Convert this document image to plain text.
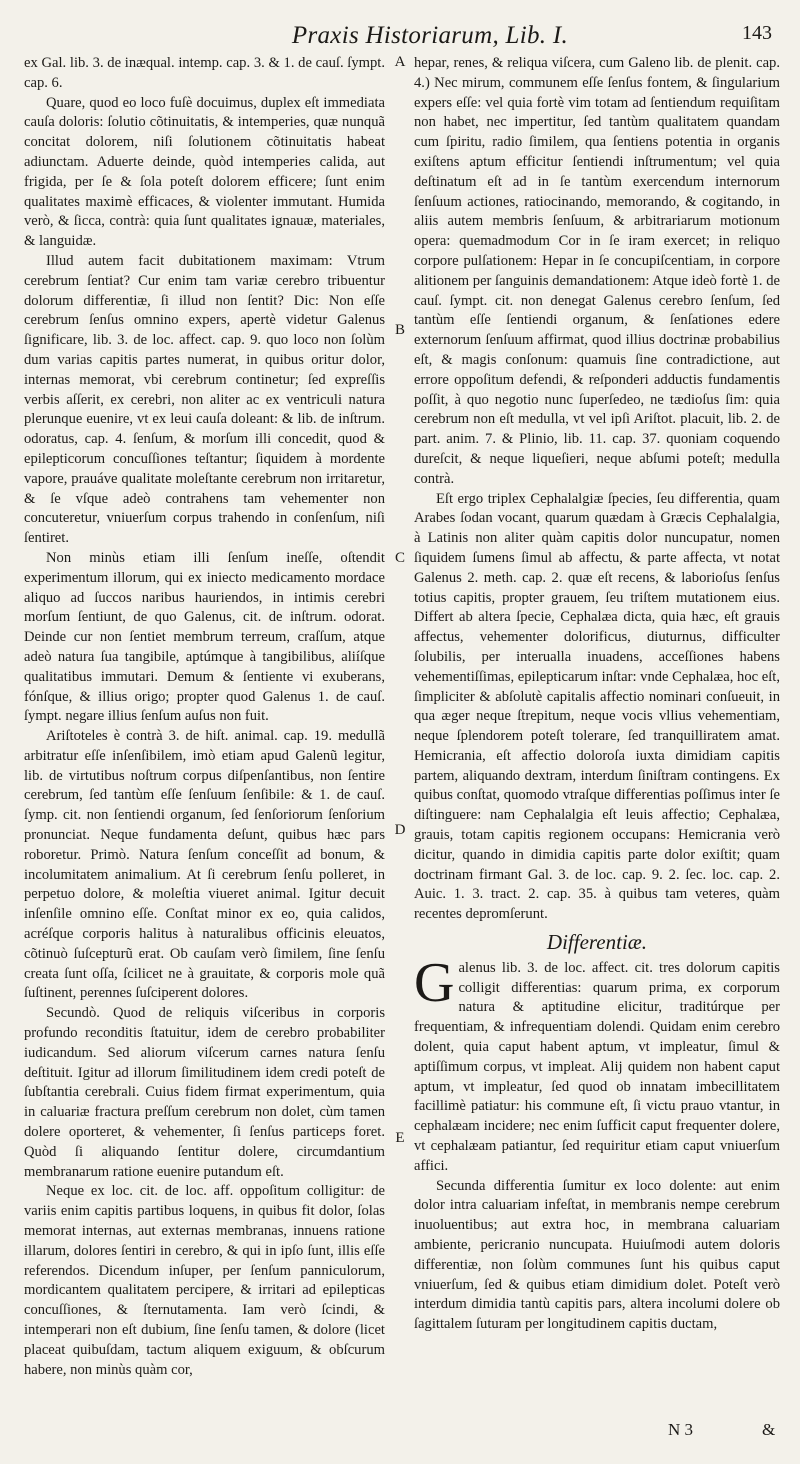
Praxis Historiarum, Lib. I.	143
A
B
C
D
E

ex Gal. lib. 3. de inæqual. intemp. cap. 3. & 1. de cauſ. ſympt. cap. 6.

Quare, quod eo loco fuſè docuimus, duplex eſt immediata cauſa doloris: ſolutio cõtinuitatis, & intemperies, quæ nunquã concitat dolorem, niſi ſolutionem cõtinuitatis habeat adiunctam. Aduerte deinde, quòd intemperies calida, aut frigida, per ſe & ſola poteſt dolorem efficere; ſunt enim qualitates maximè efficaces, & violenter immutant. Humida verò, & ſicca, contrà: quia ſunt qualitates ignauæ, materiales, & languidæ.

Illud autem facit dubitationem maximam: Vtrum cerebrum ſentiat? Cur enim tam variæ cerebro tribuentur dolorum differentiæ, ſi illud non ſentit? Dic: Non eſſe cerebrum ſenſus omnino expers, apertè videtur Galenus ſignificare, lib. 3. de loc. affect. cap. 9. quo loco non ſolùm dum varias capitis partes numerat, in quibus oritur dolor, internas memorat, vbi cerebrum continetur; ſed expreſſis verbis aſſerit, ex cerebri, non aliter ac ex ventriculi natura plerunque euenire, vt ex leui cauſa doleant: & lib. de inſtrum. odoratus, cap. 4. ſenſum, & morſum illi concedit, quod & epilepticorum concuſſiones teſtantur; ſiquidem à mordente vapore, prauáve qualitate moleſtante cerebrum non irritaretur, & ſe vſque adeò contrahens tam vehementer non concuteretur, vniuerſum corpus trahendo in conſenſum, niſi ſentiret.

Non minùs etiam illi ſenſum ineſſe, oſtendit experimentum illorum, qui ex iniecto medicamento mordace aliquo ad ſuccos naribus hauriendos, in intimis cerebri morſum ſentiunt, de quo Galenus, cit. de inſtrum. odorat. Deinde cur non ſentiet membrum terreum, craſſum, atque adeò natura ſua tangibile, aptúmque à tangibilibus, aliíſque qualitatibus immutari. Demum & ſentiente vi exuberans, fónſque, & illius origo; propter quod Galenus 1. de cauſ. ſympt. negare illius ſenſum auſus non fuit.

Ariſtoteles è contrà 3. de hiſt. animal. cap. 19. medullã arbitratur eſſe inſenſibilem, imò etiam apud Galenũ legitur, lib. de virtutibus noſtrum corpus diſpenſantibus, non ſentire cerebrum, ſed tantùm eſſe ſenſuum ſenſibile: & 1. de cauſ. ſymp. cit. non ſentiendi organum, ſed ſenſoriorum ſenſorium pronunciat. Neque fundamenta deſunt, quibus hæc pars roboretur. Primò. Natura ſenſum conceſſit ad bonum, & incolumitatem animalium. At ſi cerebrum ſenſu polleret, in perpetuo dolore, & moleſtia viueret animal. Igitur decuit inſenſile omnino eſſe. Conſtat minor ex eo, quia calidos, acréſque corporis halitus à naturalibus officinis eleuatos, cõtinuò ſuſcepturũ erat. Ob cauſam verò ſimilem, ſine ſenſu creata ſunt oſſa, ſcilicet ne à grauitate, & corporis mole quã ſuſtinent, perennes ſuſciperent dolores.

Secundò. Quod de reliquis viſceribus in corporis profundo reconditis ſtatuitur, idem de cerebro probabiliter iudicandum. Sed aliorum viſcerum carnes natura ſenſu deſtituit. Igitur ad illorum ſimilitudinem idem credi poteſt de ſubſtantia cerebrali. Cuius fidem firmat experimentum, quia in caluariæ fractura preſſum cerebrum non dolet, cùm tamen dolere oporteret, & vehementer, ſi ſenſus particeps foret. Quòd ſi aliquando ſentitur dolere, circumdantium membranarum ratione euenire putandum eſt.

Neque ex loc. cit. de loc. aff. oppoſitum colligitur: de variis enim capitis partibus loquens, in quibus fit dolor, ſolas memorat internas, aut externas membranas, innuens ratione illarum, dolores ſentiri in cerebro, & qui in ipſo ſunt, illis eſſe referendos. Dicendum inſuper, per ſenſum panniculorum, mordicantem qualitatem percipere, & irritari ad epilepticas concuſſiones, & ſternutamenta. Iam verò ſcindi, & intemperari non eſt dubium, ſine ſenſu tamen, & dolore (licet placeat quibuſdam, tactum aliquem exiguum, & obſcurum habere, non minùs quàm cor,

hepar, renes, & reliqua viſcera, cum Galeno lib. de plenit. cap. 4.) Nec mirum, communem eſſe ſenſus fontem, & ſingularium expers eſſe: vel quia fortè vim totam ad ſentiendum requiſitam non habet, nec impertitur, ſed tantùm qualitatem quandam cum ſpiritu, radio ſimilem, qua ſentiens potentia in organis exiſtens aptum efficitur ſentiendi inſtrumentum; vel quia deſtinatum eſt ad in ſe tantùm exercendum internorum ſenſuum actiones, ratiocinando, memorando, & cogitando, in aliis autem membris ſenſuum, & arbitrariarum motionum opera: quemadmodum Cor in ſe iram exercet; in reliquo corpore pulſationem: Hepar in ſe concupiſcentiam, in corpore alitionem per ſanguinis demandationem: Atque ideò fortè 1. de cauſ. ſympt. cit. non denegat Galenus cerebro ſenſum, ſed tantùm eſſe ſentiendi organum, & ſenſationes edere externorum ſenſuum affirmat, quod illius doctrinæ probabilius eſt, & magis conſonum: quamuis ſine contradictione, aut errore oppoſitum defendi, & reſponderi adductis fundamentis poſſit, à quo negotio nunc ſuperſedeo, ne tædioſus ſim: quia cerebrum non eſt medulla, vt vel ipſi Ariſtot. placuit, lib. 2. de part. anim. 7. & Plinio, lib. 11. cap. 37. quoniam coquendo dureſcit, & neque liqueſieri, neque abſumi poteſt; medulla contrà.

Eſt ergo triplex Cephalalgiæ ſpecies, ſeu differentia, quam Arabes ſodan vocant, quarum quædam à Græcis Cephalalgia, à Latinis non aliter quàm capitis dolor nuncupatur, nomen ſiquidem ſumens ſimul ab affectu, & parte affecta, vt notat Galenus 2. meth. cap. 2. quæ eſt recens, & laborioſus ſenſus totius capitis, propter grauem, ſeu triſtem mutationem eius. Differt ab altera ſpecie, Cephalæa dicta, quia hæc, eſt grauis affectus, vehementer dolorificus, diuturnus, difficulter ſolubilis, per interualla inuadens, acceſſiones habens vehementiſſimas, epilepticarum inſtar: vnde Cephalæa, hoc eſt, ſimpliciter & abſolutè capitalis affectio nominari conſueuit, in qua æger neque ſtrepitum, neque vocis vllius vehementiam, neque ſplendorem poteſt tolerare, ſed tranquilliratem amat. Hemicrania, eſt affectio doloroſa iuxta dimidiam capitis partem, aliquando dextram, interdum ſiniſtram contingens. Ex quibus conſtat, quomodo vtraſque differentias poſſimus inter ſe diſtinguere: nam Cephalalgia eſt leuis affectio; Cephalæa, grauis, totam capitis regionem occupans: Hemicrania verò dicitur, quando in dimidia capitis parte dolor exiſtit; quam doctrinam firmant Gal. 3. de loc. cap. 9. 2. ſec. loc. cap. 2. Auic. 1. 3. tract. 2. cap. 35. à quibus tam veteres, quàm recentes depromſerunt.

Differentiæ.

Galenus lib. 3. de loc. affect. cit. tres dolorum capitis colligit differentias: quarum prima, ex corporum natura & aptitudine elicitur, traditúrque per frequentiam, & infrequentiam dolendi. Quidam enim cerebro dolent, quia caput habent aptum, vt impleatur, ſimul & aptiſſimum corpus, vt impleat. Alij quidem non habent caput aptum, vt impleatur, ſed quod ob innatam imbecillitatem facillimè patiatur: his commune eſt, ſi victu prauo vtantur, in cephalæam incidere; nec enim ſufficit caput frequenter dolere, vt cephalæam patiantur, ſed requiritur etiam caput vniuerſum affici.

Secunda differentia ſumitur ex loco dolente: aut enim dolor intra caluariam infeſtat, in membranis nempe cerebrum inuoluentibus; aut extra hoc, in membrana caluariam ambiente, pericranio nuncupata. Huiuſmodi autem doloris differentiæ, non ſolùm communes ſunt his quibus caput vniuerſum, ſed & quibus etiam dimidium dolet. Poteſt verò interdum dimidia tantù capitis pars, altera incolumi dolere ob ſagittalem ſuturam per longitudinem capitis ductam,

N 3	&
